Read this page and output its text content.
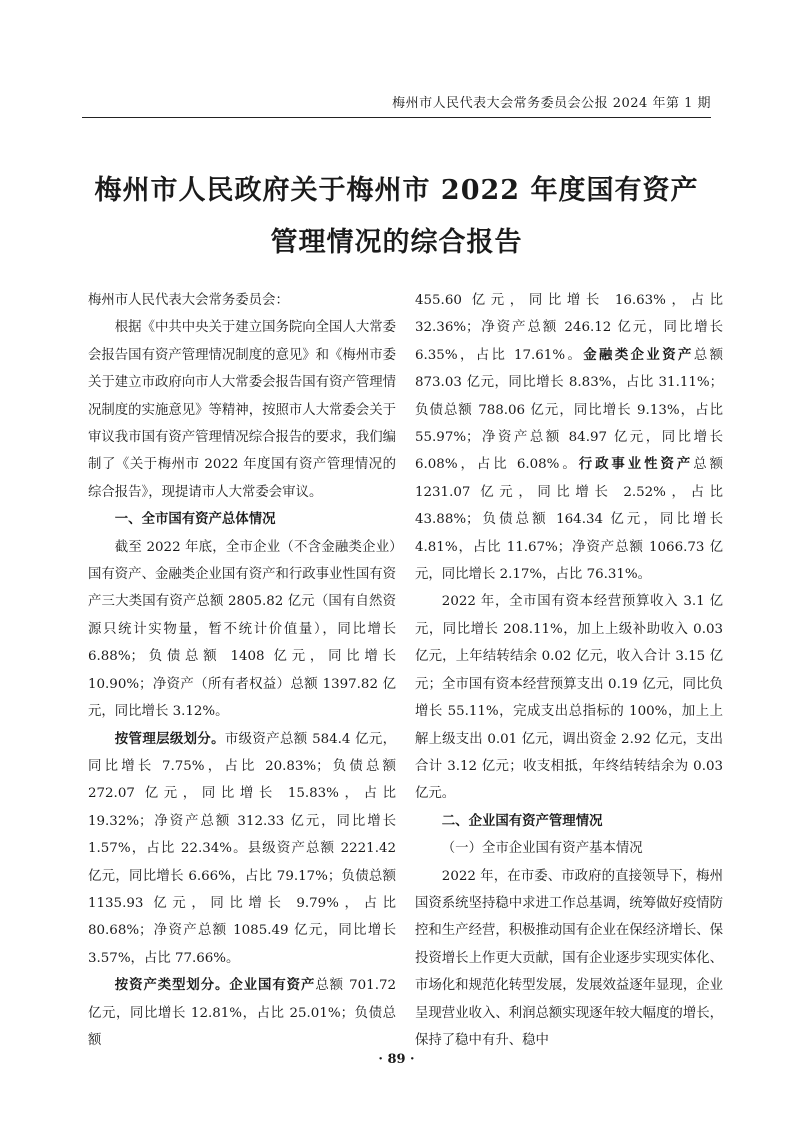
梅州市人民代表大会常务委员会公报 2024 年第 1 期
梅州市人民政府关于梅州市 2022 年度国有资产
管理情况的综合报告

梅州市人民代表大会常务委员会：

根据《中共中央关于建立国务院向全国人大常委会报告国有资产管理情况制度的意见》和《梅州市委关于建立市政府向市人大常委会报告国有资产管理情况制度的实施意见》等精神，按照市人大常委会关于审议我市国有资产管理情况综合报告的要求，我们编制了《关于梅州市 2022 年度国有资产管理情况的综合报告》，现提请市人大常委会审议。

一、全市国有资产总体情况

截至 2022 年底，全市企业（不含金融类企业）国有资产、金融类企业国有资产和行政事业性国有资产三大类国有资产总额 2805.82 亿元（国有自然资源只统计实物量，暂不统计价值量），同比增长 6.88%；负债总额 1408 亿元，同比增长 10.90%；净资产（所有者权益）总额 1397.82 亿元，同比增长 3.12%。

按管理层级划分。市级资产总额 584.4 亿元，同比增长 7.75%，占比 20.83%；负债总额 272.07 亿元，同比增长 15.83%，占比 19.32%；净资产总额 312.33 亿元，同比增长 1.57%，占比 22.34%。县级资产总额 2221.42 亿元，同比增长 6.66%，占比 79.17%；负债总额 1135.93 亿元，同比增长 9.79%，占比 80.68%；净资产总额 1085.49 亿元，同比增长 3.57%，占比 77.66%。

按资产类型划分。企业国有资产总额 701.72 亿元，同比增长 12.81%，占比 25.01%；负债总额

455.60 亿元，同比增长 16.63%，占比 32.36%；净资产总额 246.12 亿元，同比增长 6.35%，占比 17.61%。金融类企业资产总额 873.03 亿元，同比增长 8.83%，占比 31.11%；负债总额 788.06 亿元，同比增长 9.13%，占比 55.97%；净资产总额 84.97 亿元，同比增长 6.08%，占比 6.08%。行政事业性资产总额 1231.07 亿元，同比增长 2.52%，占比 43.88%；负债总额 164.34 亿元，同比增长 4.81%，占比 11.67%；净资产总额 1066.73 亿元，同比增长 2.17%，占比 76.31%。

2022 年，全市国有资本经营预算收入 3.1 亿元，同比增长 208.11%，加上上级补助收入 0.03 亿元，上年结转结余 0.02 亿元，收入合计 3.15 亿元；全市国有资本经营预算支出 0.19 亿元，同比负增长 55.11%，完成支出总指标的 100%，加上上解上级支出 0.01 亿元，调出资金 2.92 亿元，支出合计 3.12 亿元；收支相抵，年终结转结余为 0.03 亿元。

二、企业国有资产管理情况

（一）全市企业国有资产基本情况

2022 年，在市委、市政府的直接领导下，梅州国资系统坚持稳中求进工作总基调，统筹做好疫情防控和生产经营，积极推动国有企业在保经济增长、保投资增长上作更大贡献，国有企业逐步实现实体化、市场化和规范化转型发展，发展效益逐年显现，企业呈现营业收入、利润总额实现逐年较大幅度的增长，保持了稳中有升、稳中

· 89 ·
